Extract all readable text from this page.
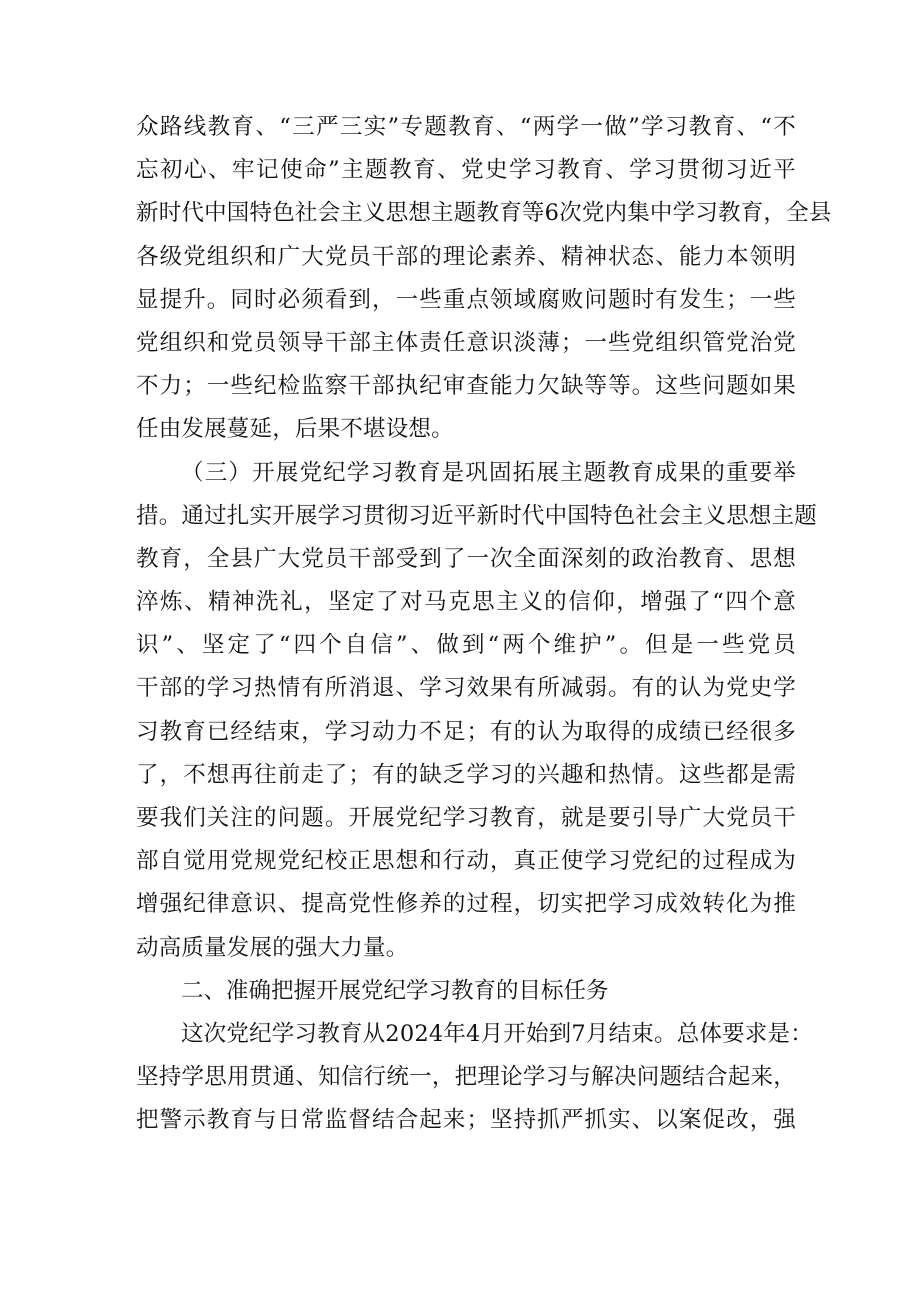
众路线教育、“三严三实”专题教育、“两学一做”学习教育、“不
忘初心、牢记使命”主题教育、党史学习教育、学习贯彻习近平
新时代中国特色社会主义思想主题教育等6次党内集中学习教育，全县
各级党组织和广大党员干部的理论素养、精神状态、能力本领明
显提升。同时必须看到，一些重点领域腐败问题时有发生；一些
党组织和党员领导干部主体责任意识淡薄；一些党组织管党治党
不力；一些纪检监察干部执纪审查能力欠缺等等。这些问题如果
任由发展蔓延，后果不堪设想。
（三）开展党纪学习教育是巩固拓展主题教育成果的重要举
措。通过扎实开展学习贯彻习近平新时代中国特色社会主义思想主题
教育，全县广大党员干部受到了一次全面深刻的政治教育、思想
淬炼、精神洗礼，坚定了对马克思主义的信仰，增强了“四个意
识”、坚定了“四个自信”、做到“两个维护”。但是一些党员
干部的学习热情有所消退、学习效果有所减弱。有的认为党史学
习教育已经结束，学习动力不足；有的认为取得的成绩已经很多
了，不想再往前走了；有的缺乏学习的兴趣和热情。这些都是需
要我们关注的问题。开展党纪学习教育，就是要引导广大党员干
部自觉用党规党纪校正思想和行动，真正使学习党纪的过程成为
增强纪律意识、提高党性修养的过程，切实把学习成效转化为推
动高质量发展的强大力量。
二、准确把握开展党纪学习教育的目标任务
这次党纪学习教育从2024年4月开始到7月结束。总体要求是：
坚持学思用贯通、知信行统一，把理论学习与解决问题结合起来，
把警示教育与日常监督结合起来；坚持抓严抓实、以案促改，强
